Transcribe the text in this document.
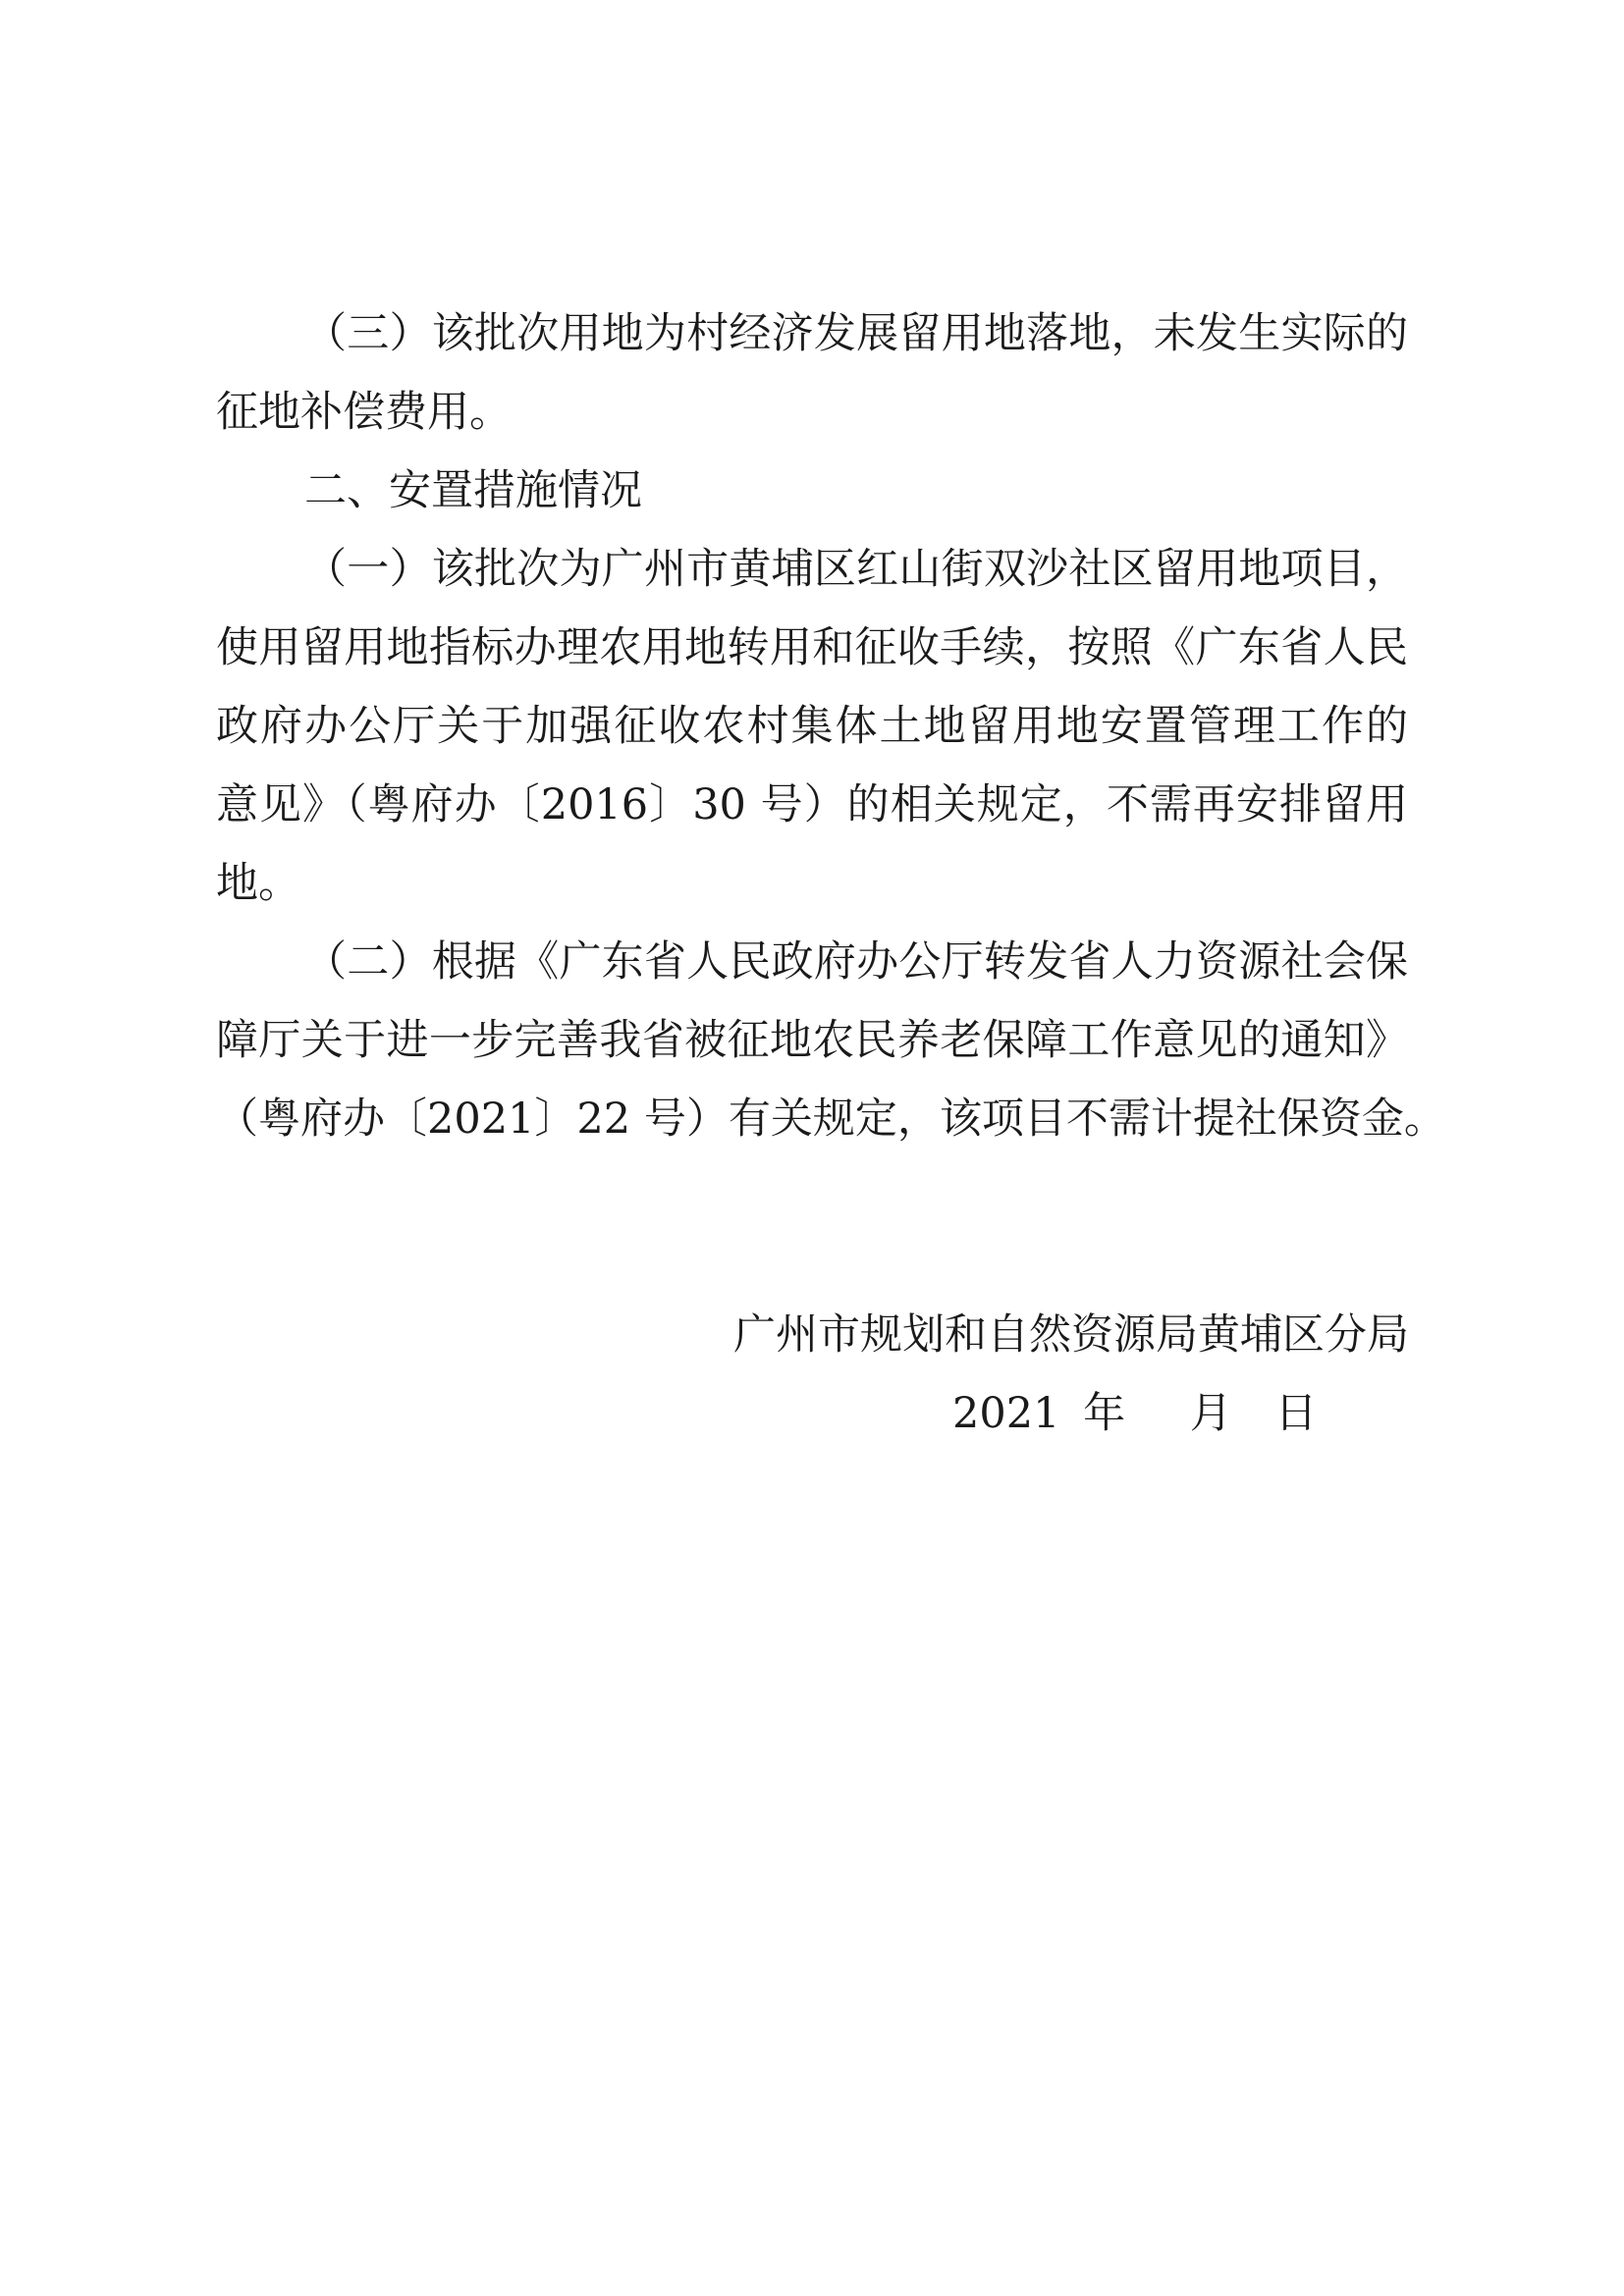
（三）该批次用地为村经济发展留用地落地，未发生实际的
征地补偿费用。
二、安置措施情况
（一）该批次为广州市黄埔区红山街双沙社区留用地项目，
使用留用地指标办理农用地转用和征收手续，按照《广东省人民
政府办公厅关于加强征收农村集体土地留用地安置管理工作的
意见》（粤府办〔2016〕30 号）的相关规定，不需再安排留用
地。
（二）根据《广东省人民政府办公厅转发省人力资源社会保
障厅关于进一步完善我省被征地农民养老保障工作意见的通知》
（粤府办〔2021〕22 号）有关规定，该项目不需计提社保资金。
广州市规划和自然资源局黄埔区分局
2021 年 月 日
